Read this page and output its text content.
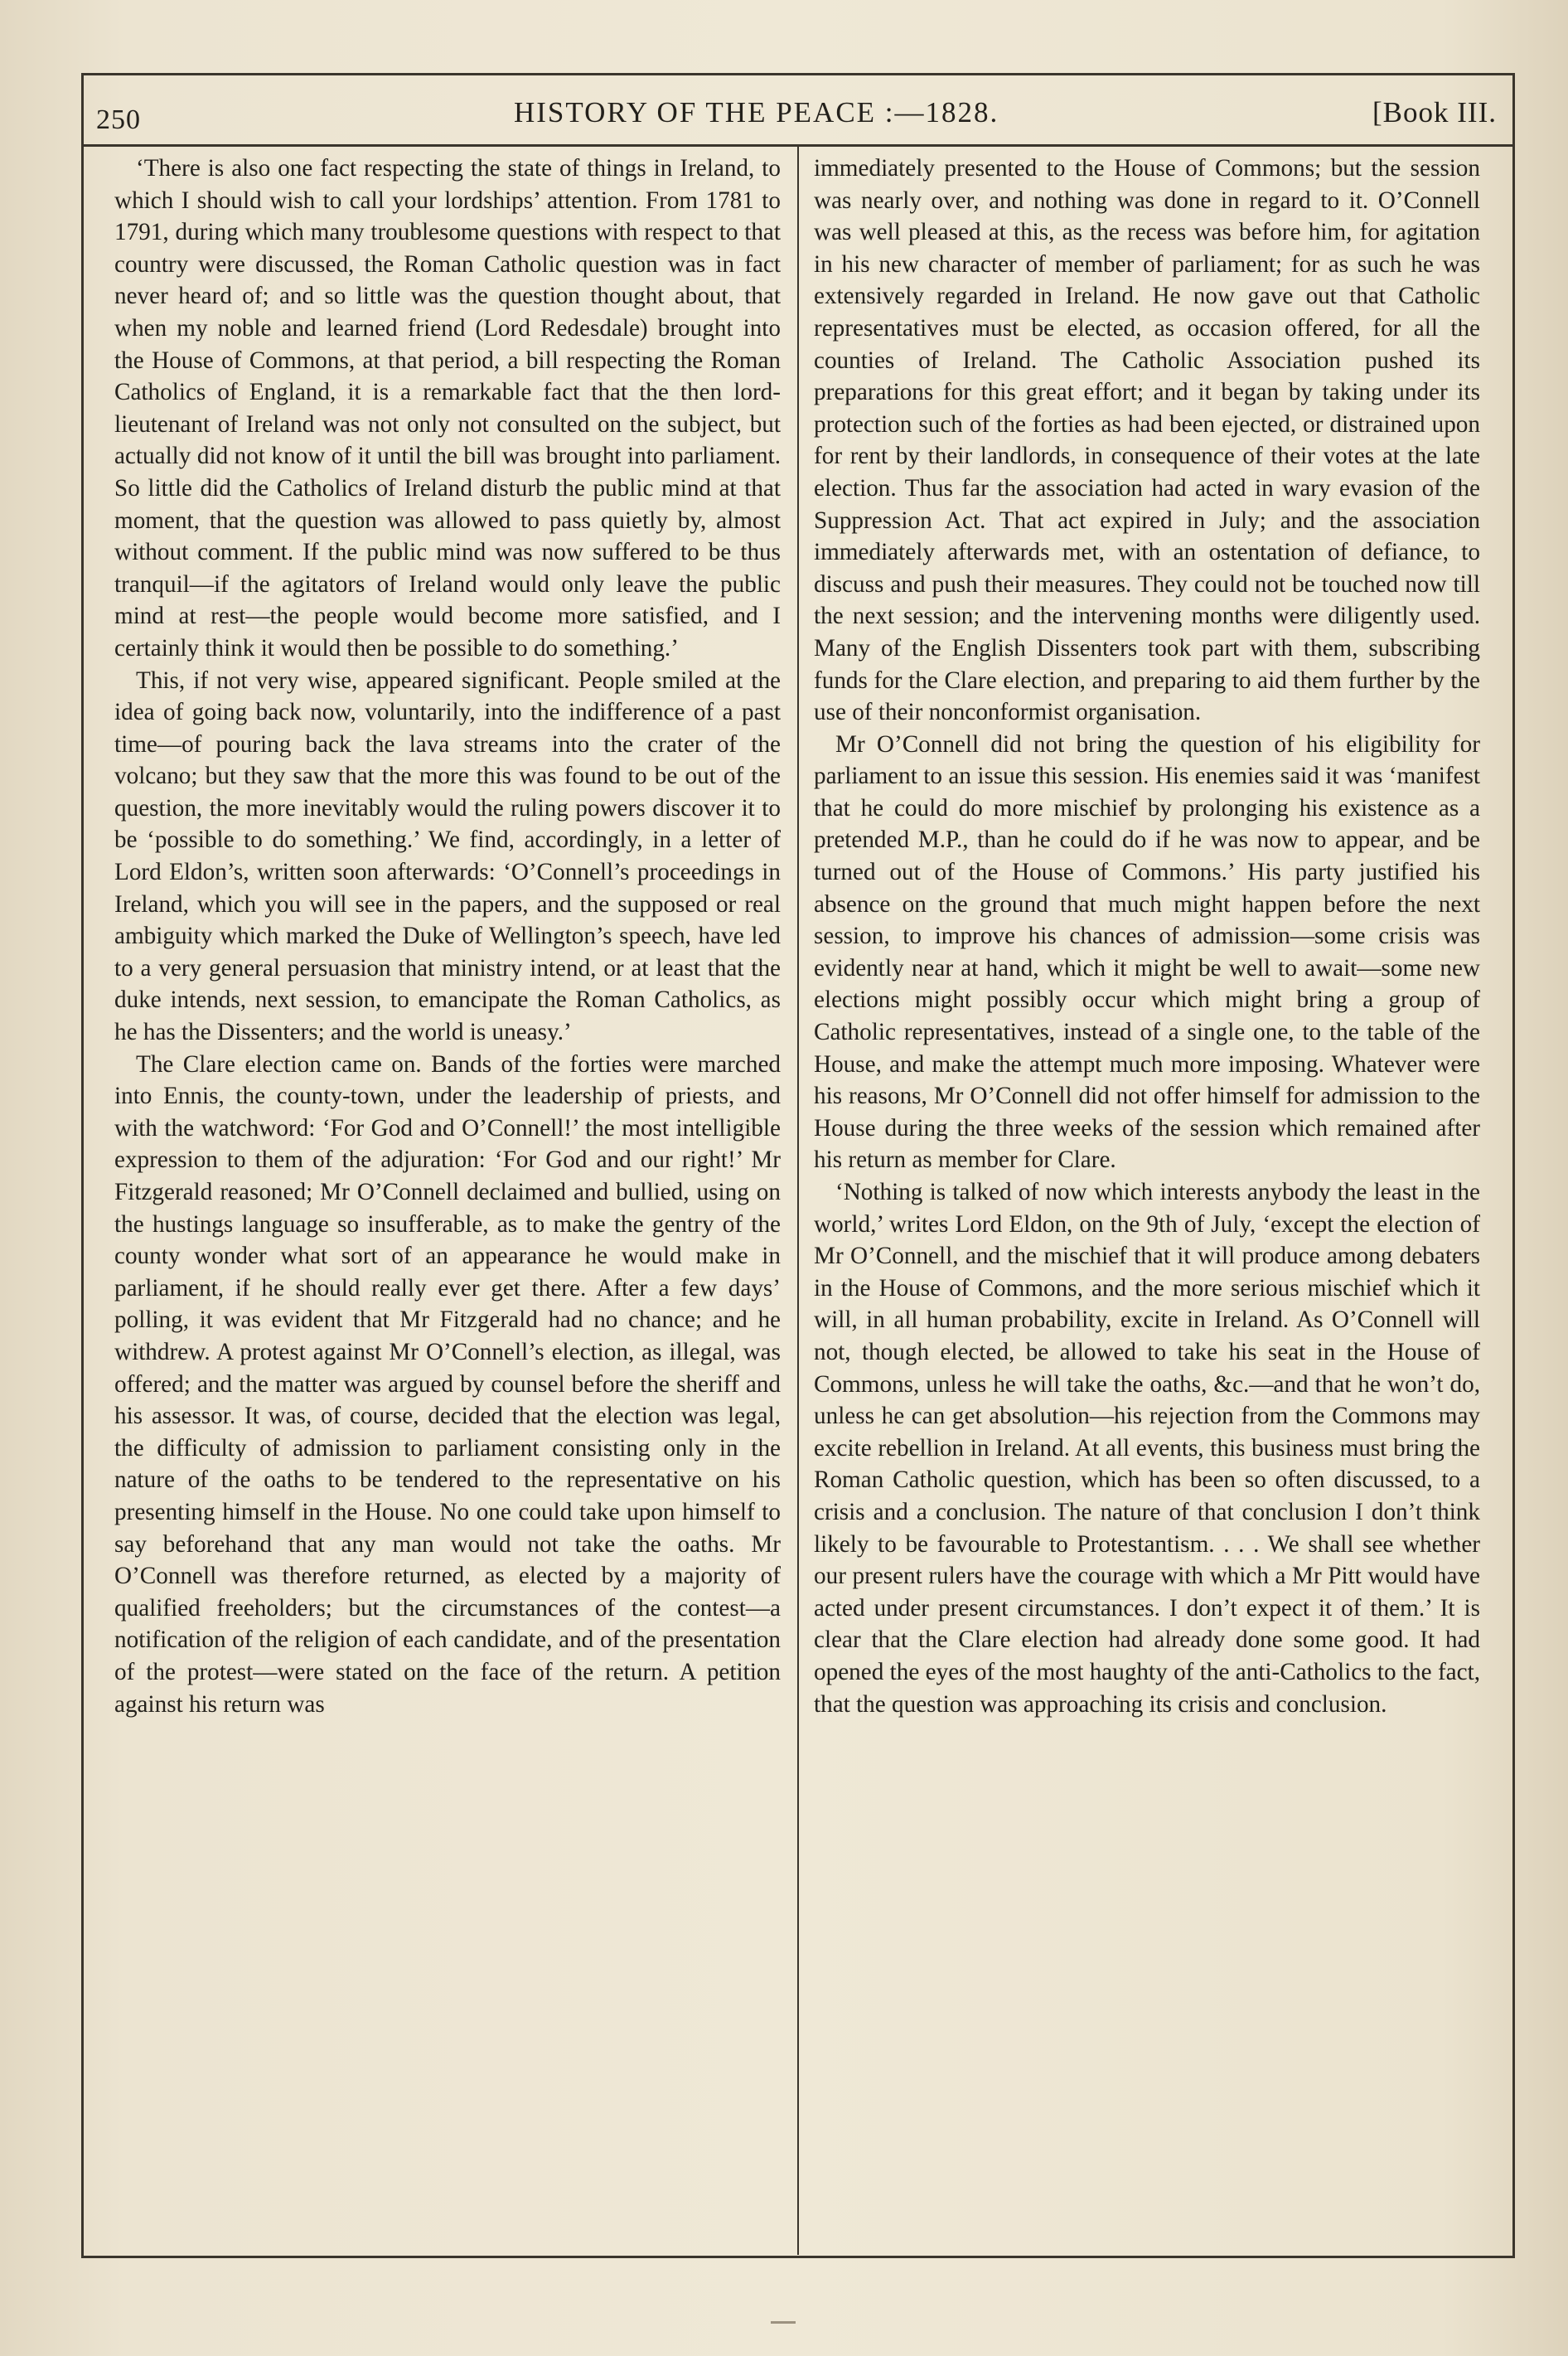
250	HISTORY OF THE PEACE :—1828.	[Book III.

‘There is also one fact respecting the state of things in Ireland, to which I should wish to call your lordships’ attention. From 1781 to 1791, during which many troublesome questions with respect to that country were discussed, the Roman Catholic question was in fact never heard of; and so little was the question thought about, that when my noble and learned friend (Lord Redesdale) brought into the House of Commons, at that period, a bill respecting the Roman Catholics of England, it is a remarkable fact that the then lord-lieutenant of Ireland was not only not consulted on the subject, but actually did not know of it until the bill was brought into parliament. So little did the Catholics of Ireland disturb the public mind at that moment, that the question was allowed to pass quietly by, almost without comment. If the public mind was now suffered to be thus tranquil—if the agitators of Ireland would only leave the public mind at rest—the people would become more satisfied, and I certainly think it would then be possible to do something.’

This, if not very wise, appeared significant. People smiled at the idea of going back now, voluntarily, into the indifference of a past time—of pouring back the lava streams into the crater of the volcano; but they saw that the more this was found to be out of the question, the more inevitably would the ruling powers discover it to be ‘possible to do something.’ We find, accordingly, in a letter of Lord Eldon’s, written soon afterwards: ‘O’Connell’s proceedings in Ireland, which you will see in the papers, and the supposed or real ambiguity which marked the Duke of Wellington’s speech, have led to a very general persuasion that ministry intend, or at least that the duke intends, next session, to emancipate the Roman Catholics, as he has the Dissenters; and the world is uneasy.’

The Clare election came on. Bands of the forties were marched into Ennis, the county-town, under the leadership of priests, and with the watchword: ‘For God and O’Connell!’ the most intelligible expression to them of the adjuration: ‘For God and our right!’ Mr Fitzgerald reasoned; Mr O’Connell declaimed and bullied, using on the hustings language so insufferable, as to make the gentry of the county wonder what sort of an appearance he would make in parliament, if he should really ever get there. After a few days’ polling, it was evident that Mr Fitzgerald had no chance; and he withdrew. A protest against Mr O’Connell’s election, as illegal, was offered; and the matter was argued by counsel before the sheriff and his assessor. It was, of course, decided that the election was legal, the difficulty of admission to parliament consisting only in the nature of the oaths to be tendered to the representative on his presenting himself in the House. No one could take upon himself to say beforehand that any man would not take the oaths. Mr O’Connell was therefore returned, as elected by a majority of qualified freeholders; but the circumstances of the contest—a notification of the religion of each candidate, and of the presentation of the protest—were stated on the face of the return. A petition against his return was

immediately presented to the House of Commons; but the session was nearly over, and nothing was done in regard to it. O’Connell was well pleased at this, as the recess was before him, for agitation in his new character of member of parliament; for as such he was extensively regarded in Ireland. He now gave out that Catholic representatives must be elected, as occasion offered, for all the counties of Ireland. The Catholic Association pushed its preparations for this great effort; and it began by taking under its protection such of the forties as had been ejected, or distrained upon for rent by their landlords, in consequence of their votes at the late election. Thus far the association had acted in wary evasion of the Suppression Act. That act expired in July; and the association immediately afterwards met, with an ostentation of defiance, to discuss and push their measures. They could not be touched now till the next session; and the intervening months were diligently used. Many of the English Dissenters took part with them, subscribing funds for the Clare election, and preparing to aid them further by the use of their nonconformist organisation.

Mr O’Connell did not bring the question of his eligibility for parliament to an issue this session. His enemies said it was ‘manifest that he could do more mischief by prolonging his existence as a pretended M.P., than he could do if he was now to appear, and be turned out of the House of Commons.’ His party justified his absence on the ground that much might happen before the next session, to improve his chances of admission—some crisis was evidently near at hand, which it might be well to await—some new elections might possibly occur which might bring a group of Catholic representatives, instead of a single one, to the table of the House, and make the attempt much more imposing. Whatever were his reasons, Mr O’Connell did not offer himself for admission to the House during the three weeks of the session which remained after his return as member for Clare.

‘Nothing is talked of now which interests anybody the least in the world,’ writes Lord Eldon, on the 9th of July, ‘except the election of Mr O’Connell, and the mischief that it will produce among debaters in the House of Commons, and the more serious mischief which it will, in all human probability, excite in Ireland. As O’Connell will not, though elected, be allowed to take his seat in the House of Commons, unless he will take the oaths, &c.—and that he won’t do, unless he can get absolution—his rejection from the Commons may excite rebellion in Ireland. At all events, this business must bring the Roman Catholic question, which has been so often discussed, to a crisis and a conclusion. The nature of that conclusion I don’t think likely to be favourable to Protestantism. . . . We shall see whether our present rulers have the courage with which a Mr Pitt would have acted under present circumstances. I don’t expect it of them.’ It is clear that the Clare election had already done some good. It had opened the eyes of the most haughty of the anti-Catholics to the fact, that the question was approaching its crisis and conclusion.
